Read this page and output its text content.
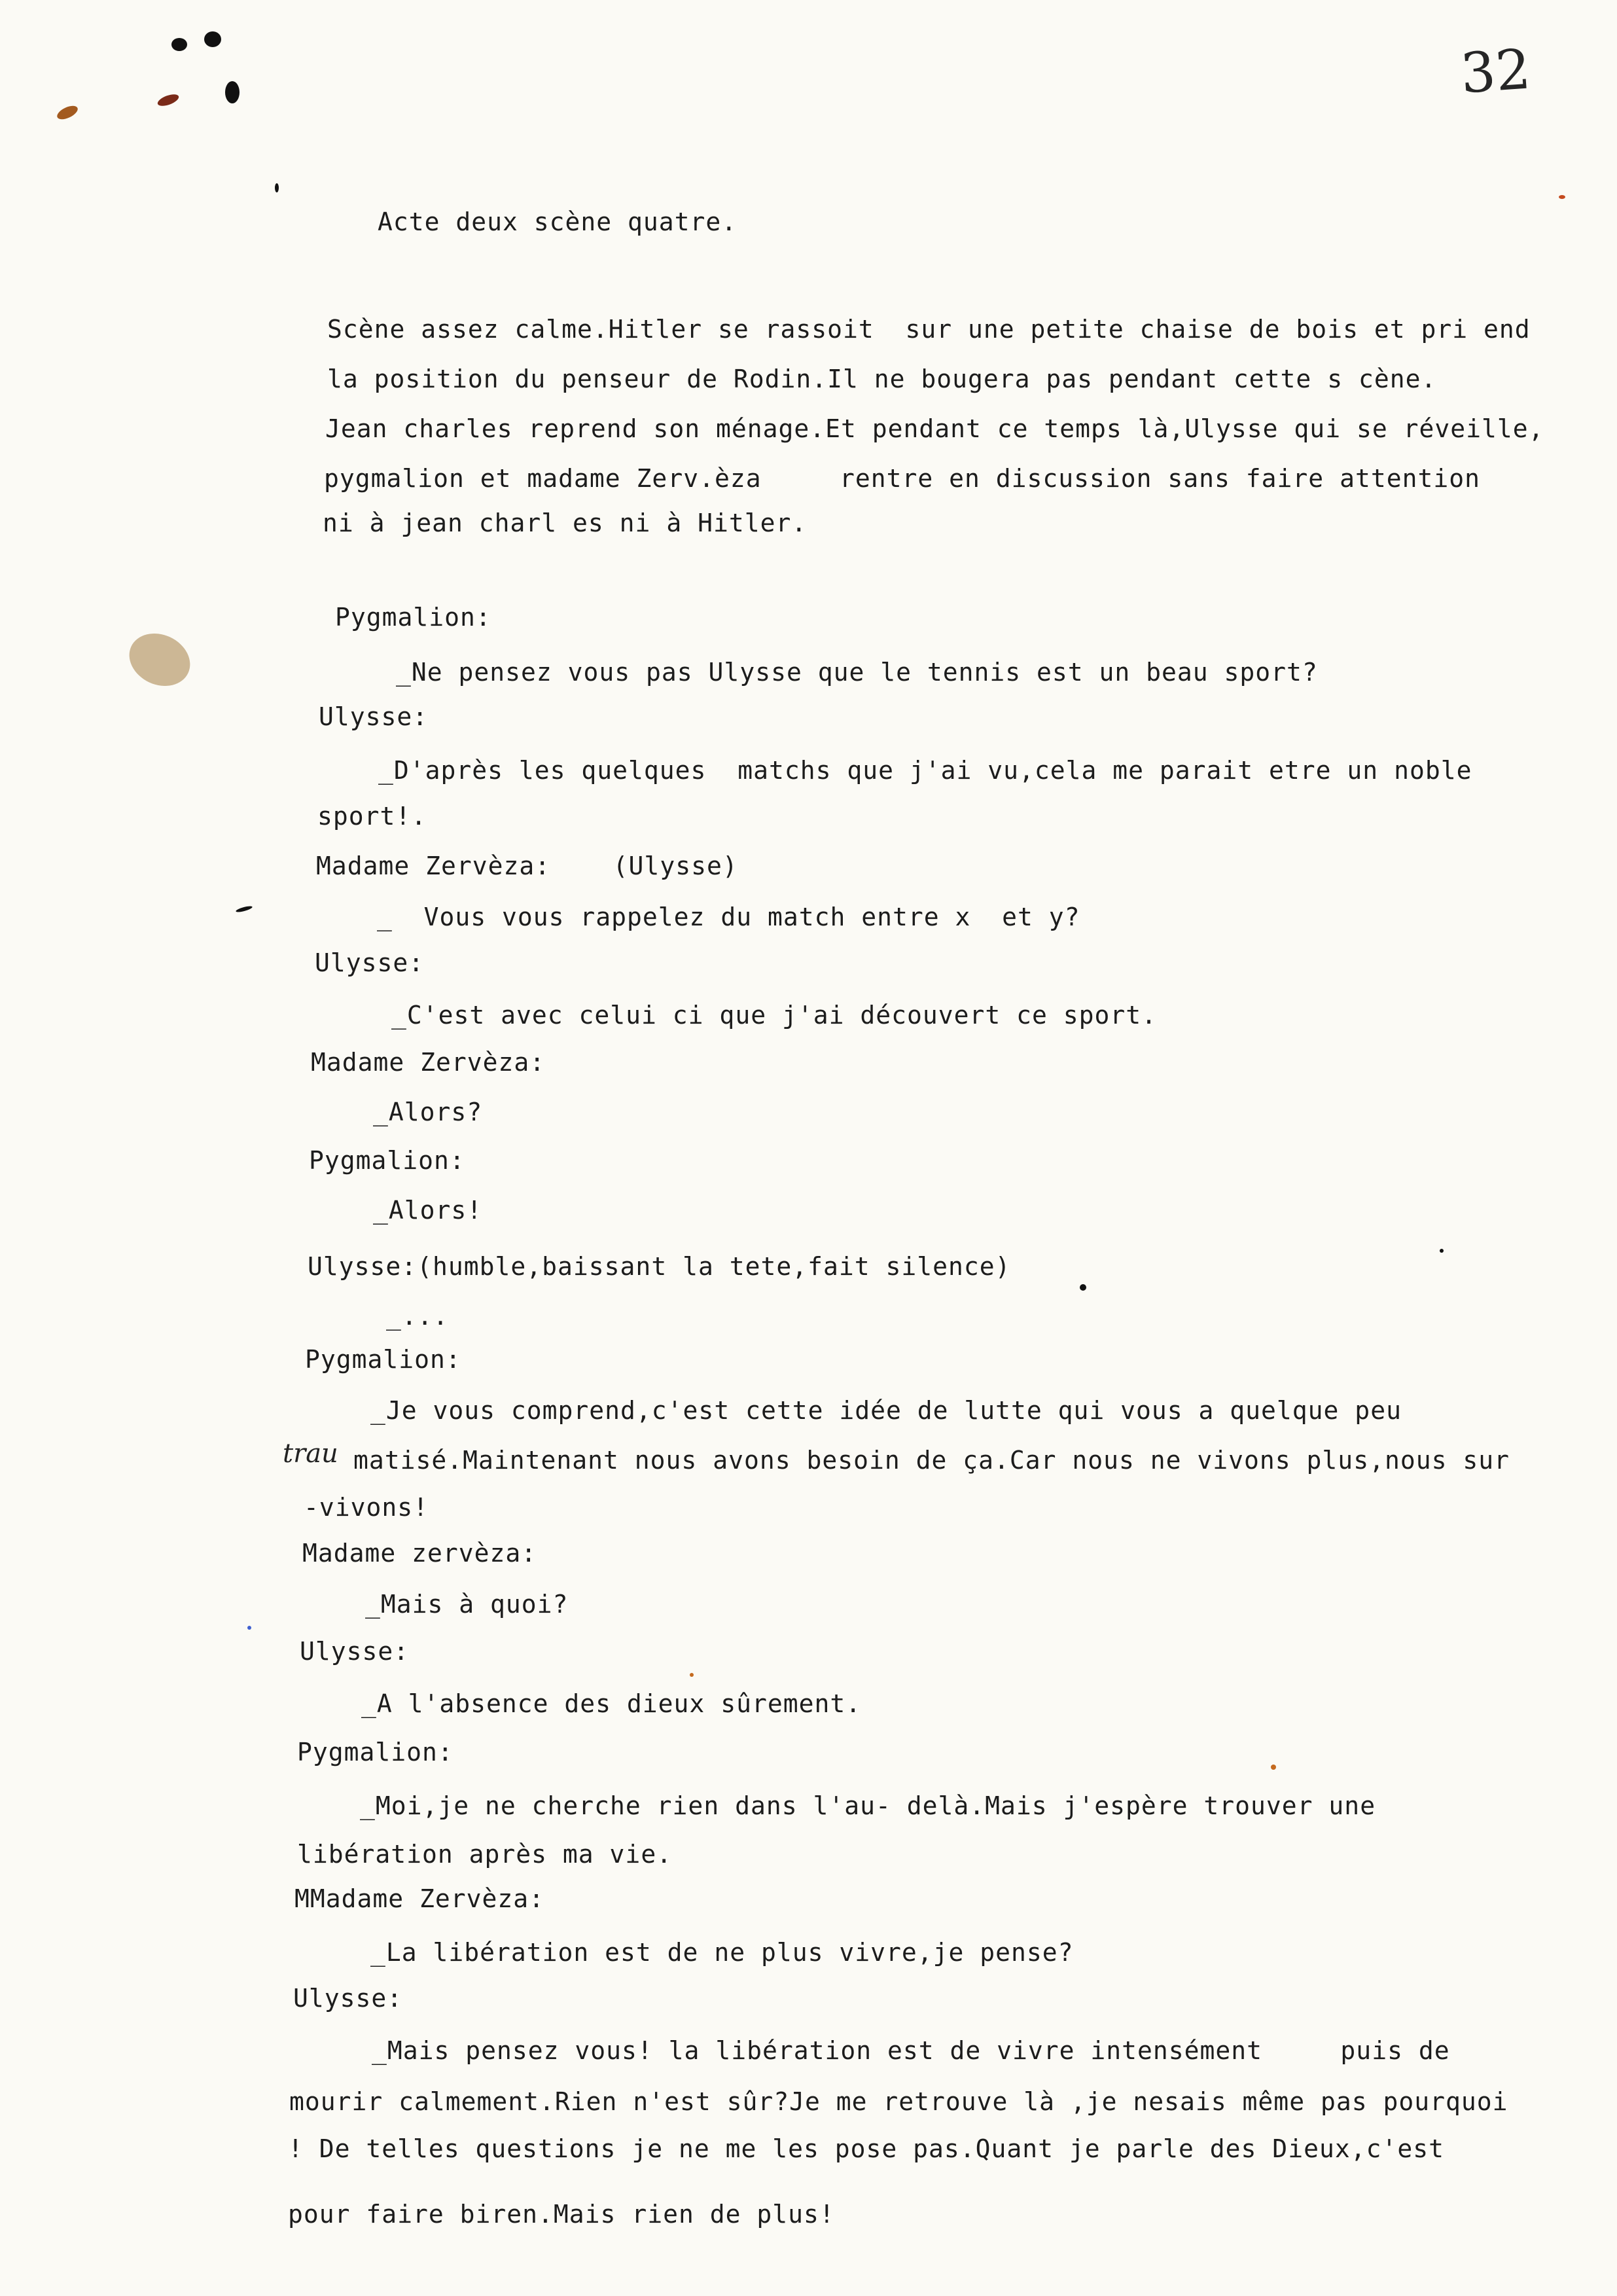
32
trau
Acte deux scène quatre.
Scène assez calme.Hitler se rassoit  sur une petite chaise de bois et pri end
la position du penseur de Rodin.Il ne bougera pas pendant cette s cène.
Jean charles reprend son ménage.Et pendant ce temps là,Ulysse qui se réveille,
pygmalion et madame Zerv.èza     rentre en discussion sans faire attention
ni à jean charl es ni à Hitler.
Pygmalion:
_Ne pensez vous pas Ulysse que le tennis est un beau sport?
Ulysse:
_D'après les quelques  matchs que j'ai vu,cela me parait etre un noble
sport!.
Madame Zervèza:    (Ulysse)
_  Vous vous rappelez du match entre x  et y?
Ulysse:
_C'est avec celui ci que j'ai découvert ce sport.
Madame Zervèza:
_Alors?
Pygmalion:
_Alors!
Ulysse:(humble,baissant la tete,fait silence)
_...
Pygmalion:
_Je vous comprend,c'est cette idée de lutte qui vous a quelque peu
matisé.Maintenant nous avons besoin de ça.Car nous ne vivons plus,nous sur
-vivons!
Madame zervèza:
_Mais à quoi?
Ulysse:
_A l'absence des dieux sûrement.
Pygmalion:
_Moi,je ne cherche rien dans l'au- delà.Mais j'espère trouver une
libération après ma vie.
MMadame Zervèza:
_La libération est de ne plus vivre,je pense?
Ulysse:
_Mais pensez vous! la libération est de vivre intensément     puis de
mourir calmement.Rien n'est sûr?Je me retrouve là ,je nesais même pas pourquoi
! De telles questions je ne me les pose pas.Quant je parle des Dieux,c'est
pour faire biren.Mais rien de plus!
